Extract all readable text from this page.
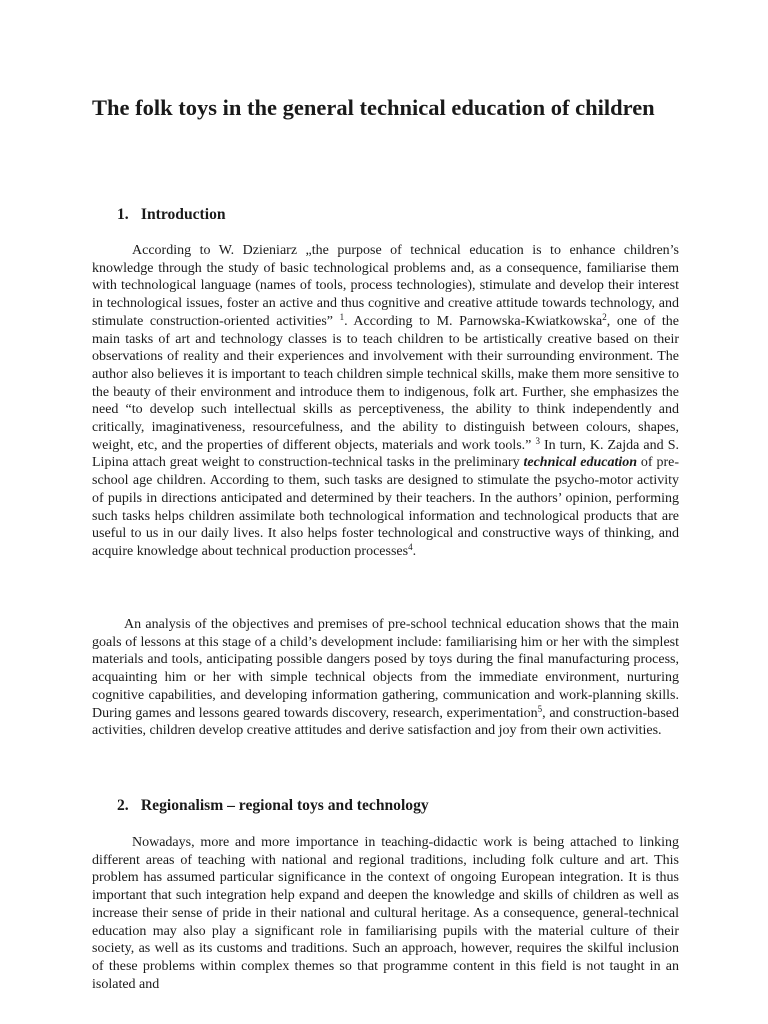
The folk toys in the general technical education of children
1. Introduction

According to W. Dzieniarz „the purpose of technical education is to enhance children’s knowledge through the study of basic technological problems and, as a consequence, familiarise them with technological language (names of tools, process technologies), stimulate and develop their interest in technological issues, foster an active and thus cognitive and creative attitude towards technology, and stimulate construction-oriented activities” $^1$. According to M. Parnowska-Kwiatkowska$^2$, one of the main tasks of art and technology classes is to teach children to be artistically creative based on their observations of reality and their experiences and involvement with their surrounding environment. The author also believes it is important to teach children simple technical skills, make them more sensitive to the beauty of their environment and introduce them to indigenous, folk art. Further, she emphasizes the need “to develop such intellectual skills as perceptiveness, the ability to think independently and critically, imaginativeness, resourcefulness, and the ability to distinguish between colours, shapes, weight, etc, and the properties of different objects, materials and work tools.” $^3$ In turn, K. Zajda and S. Lipina attach great weight to construction-technical tasks in the preliminary technical education of pre-school age children. According to them, such tasks are designed to stimulate the psycho-motor activity of pupils in directions anticipated and determined by their teachers. In the authors’ opinion, performing such tasks helps children assimilate both technological information and technological products that are useful to us in our daily lives. It also helps foster technological and constructive ways of thinking, and acquire knowledge about technical production processes$^4$.

An analysis of the objectives and premises of pre-school technical education shows that the main goals of lessons at this stage of a child’s development include: familiarising him or her with the simplest materials and tools, anticipating possible dangers posed by toys during the final manufacturing process, acquainting him or her with simple technical objects from the immediate environment, nurturing cognitive capabilities, and developing information gathering, communication and work-planning skills. During games and lessons geared towards discovery, research, experimentation$^5$, and construction-based activities, children develop creative attitudes and derive satisfaction and joy from their own activities.

2. Regionalism – regional toys and technology

Nowadays, more and more importance in teaching-didactic work is being attached to linking different areas of teaching with national and regional traditions, including folk culture and art. This problem has assumed particular significance in the context of ongoing European integration. It is thus important that such integration help expand and deepen the knowledge and skills of children as well as increase their sense of pride in their national and cultural heritage. As a consequence, general-technical education may also play a significant role in familiarising pupils with the material culture of their society, as well as its customs and traditions. Such an approach, however, requires the skilful inclusion of these problems within complex themes so that programme content in this field is not taught in an isolated and
